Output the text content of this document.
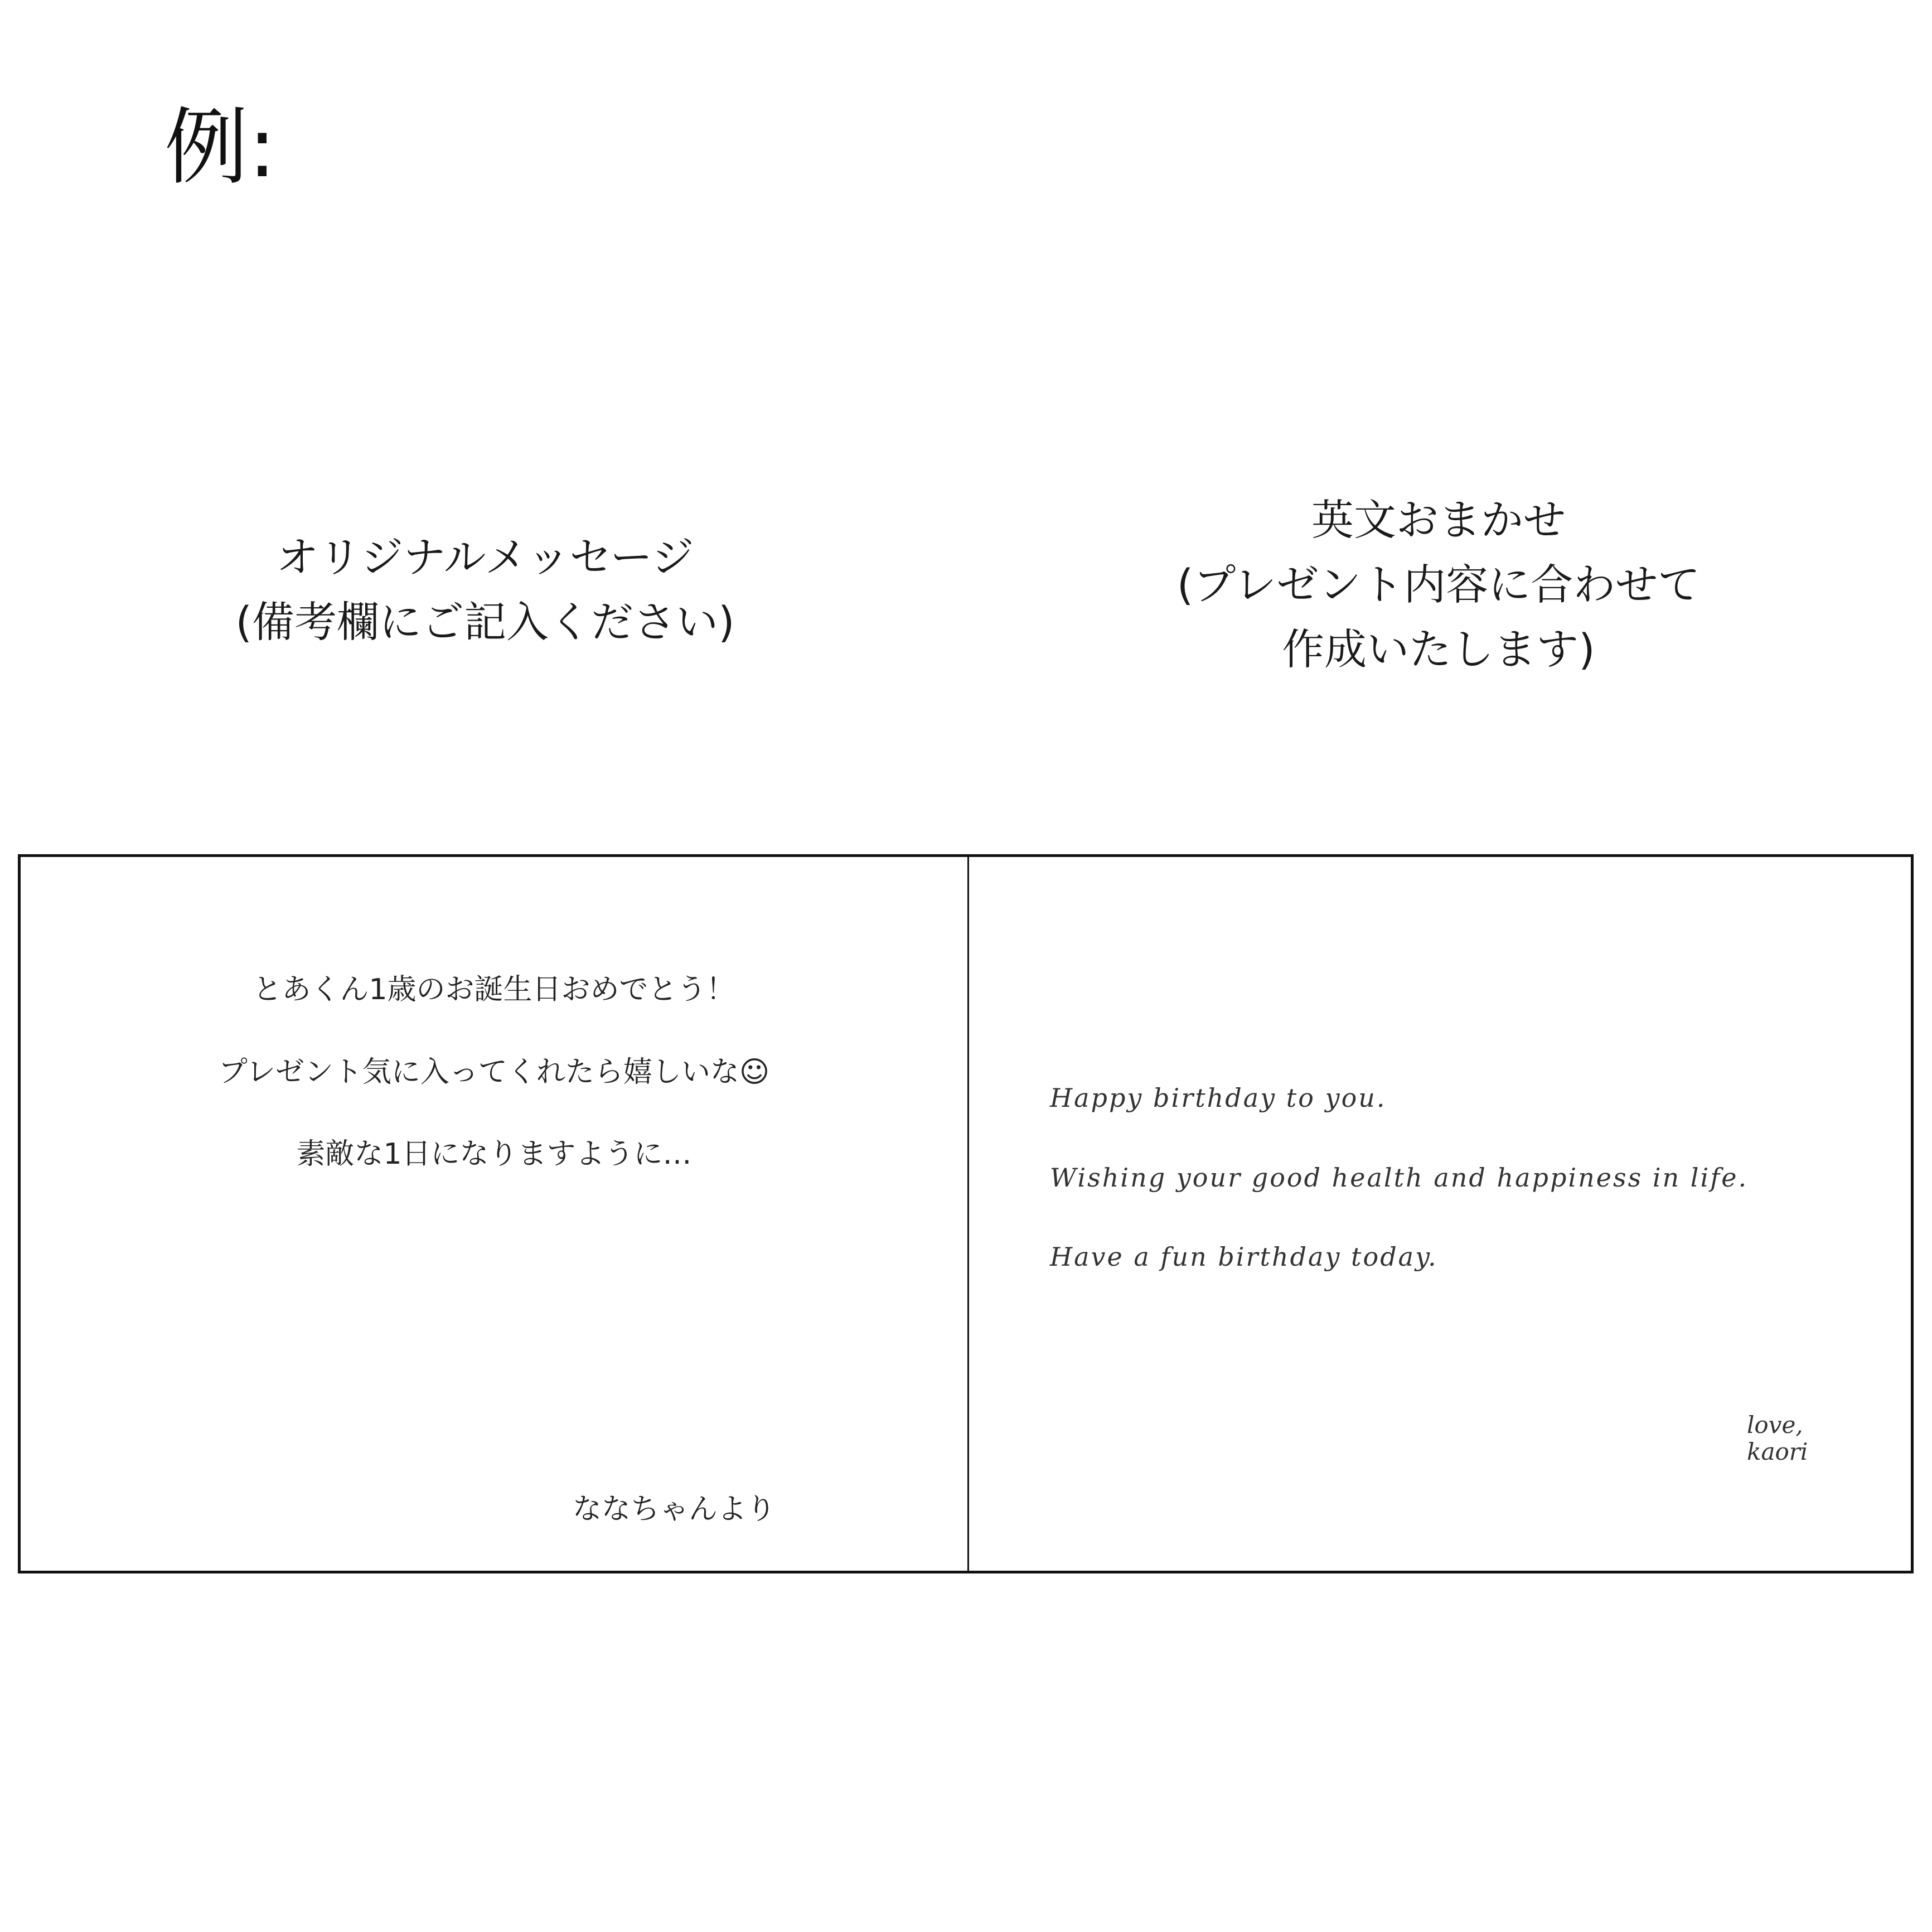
例:
オリジナルメッセージ
(備考欄にご記入ください)
英文おまかせ
(プレゼント内容に合わせて
作成いたします)
とあくん1歳のお誕生日おめでとう！
プレゼント気に入ってくれたら嬉しいな☺
素敵な1日になりますように…
ななちゃんより
Happy birthday to you.
Wishing your good health and happiness in life.
Have a fun birthday today.
love,
kaori
